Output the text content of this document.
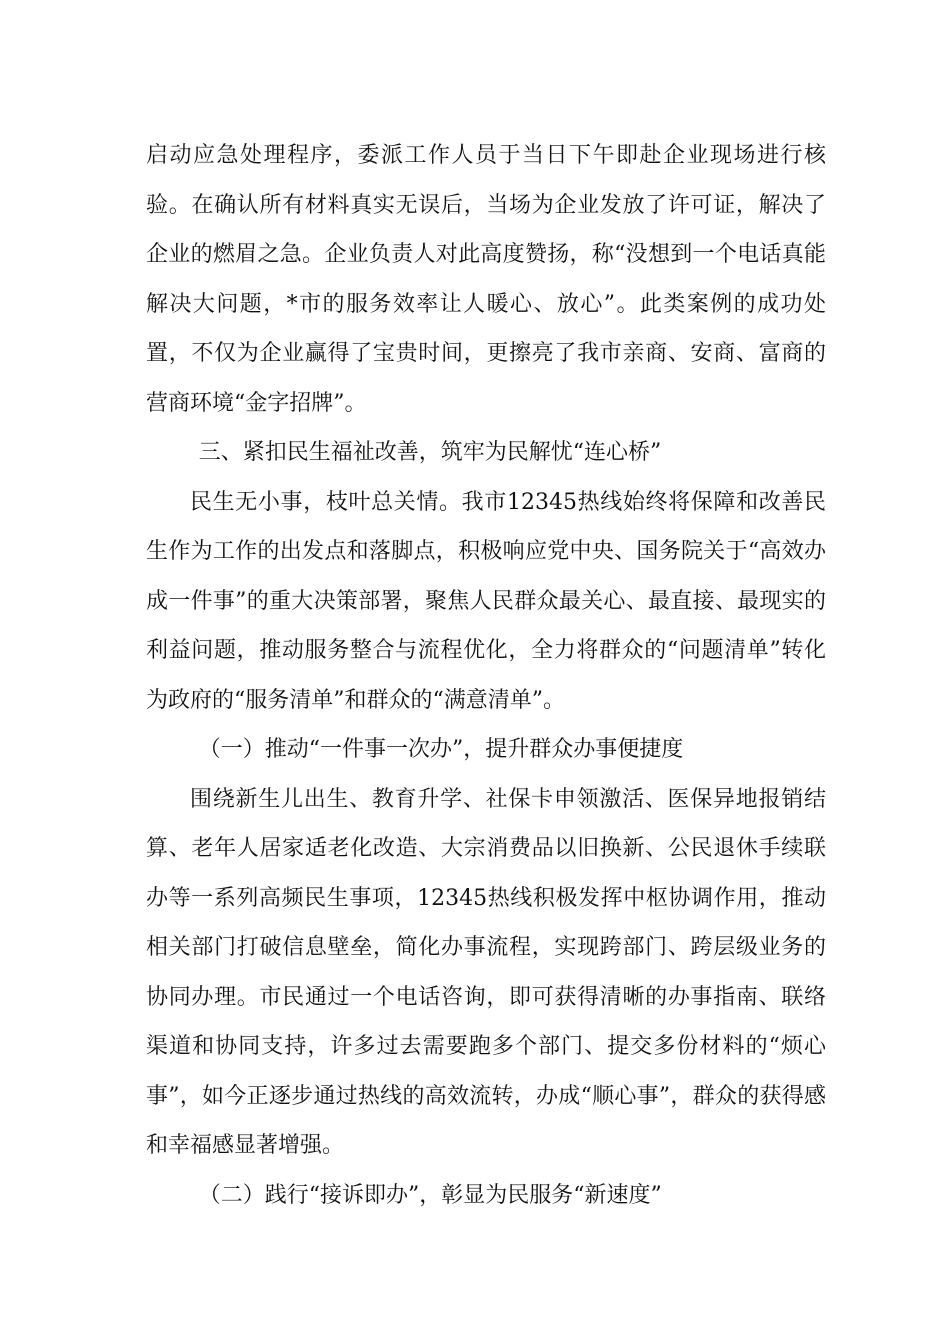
启动应急处理程序，委派工作人员于当日下午即赴企业现场进行核验。在确认所有材料真实无误后，当场为企业发放了许可证，解决了企业的燃眉之急。企业负责人对此高度赞扬，称“没想到一个电话真能解决大问题，*市的服务效率让人暖心、放心”。此类案例的成功处置，不仅为企业赢得了宝贵时间，更擦亮了我市亲商、安商、富商的营商环境“金字招牌”。

三、紧扣民生福祉改善，筑牢为民解忧“连心桥”

民生无小事，枝叶总关情。我市12345热线始终将保障和改善民生作为工作的出发点和落脚点，积极响应党中央、国务院关于“高效办成一件事”的重大决策部署，聚焦人民群众最关心、最直接、最现实的利益问题，推动服务整合与流程优化，全力将群众的“问题清单”转化为政府的“服务清单”和群众的“满意清单”。

（一）推动“一件事一次办”，提升群众办事便捷度

围绕新生儿出生、教育升学、社保卡申领激活、医保异地报销结算、老年人居家适老化改造、大宗消费品以旧换新、公民退休手续联办等一系列高频民生事项，12345热线积极发挥中枢协调作用，推动相关部门打破信息壁垒，简化办事流程，实现跨部门、跨层级业务的协同办理。市民通过一个电话咨询，即可获得清晰的办事指南、联络渠道和协同支持，许多过去需要跑多个部门、提交多份材料的“烦心事”，如今正逐步通过热线的高效流转，办成“顺心事”，群众的获得感和幸福感显著增强。

（二）践行“接诉即办”，彰显为民服务“新速度”
